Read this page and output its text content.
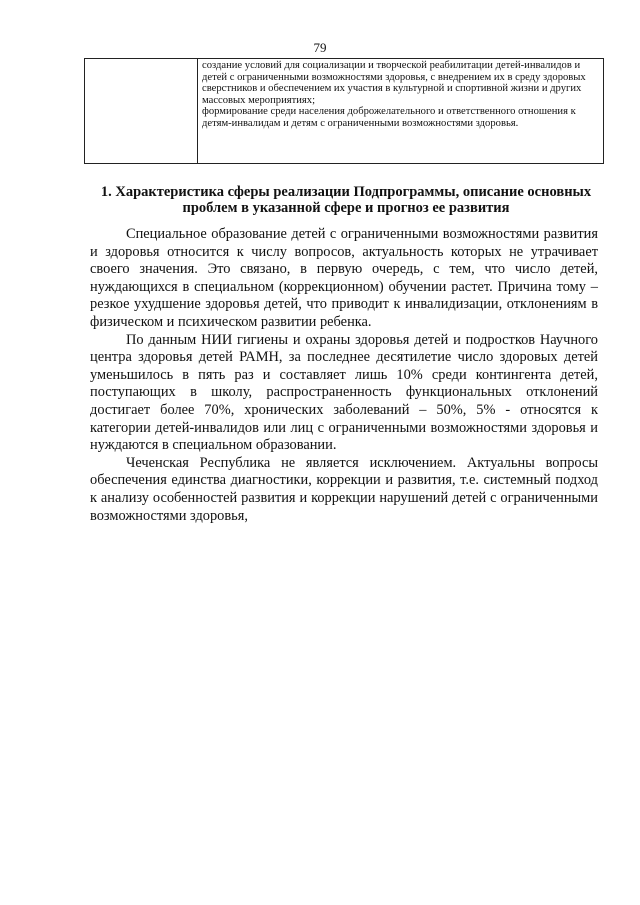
79

создание условий для социализации и творческой реабилитации детей-инвалидов и детей с ограниченными возможностями здоровья, с внедрением их в среду здоровых сверстников и обеспечением их участия в культурной и спортивной жизни и других массовых мероприятиях;

формирование среди населения доброжелательного и ответственного отношения к детям-инвалидам и детям с ограниченными возможностями здоровья.

1. Характеристика сферы реализации Подпрограммы, описание основных проблем в указанной сфере и прогноз ее развития

Специальное образование детей с ограниченными возможностями развития и здоровья относится к числу вопросов, актуальность которых не утрачивает своего значения. Это связано, в первую очередь, с тем, что число детей, нуждающихся в специальном (коррекционном) обучении растет. Причина тому – резкое ухудшение здоровья детей, что приводит к инвалидизации, отклонениям в физическом и психическом развитии ребенка.

По данным НИИ гигиены и охраны здоровья детей и подростков Научного центра здоровья детей РАМН, за последнее десятилетие число здоровых детей уменьшилось в пять раз и составляет лишь 10% среди контингента детей, поступающих в школу, распространенность функциональных отклонений достигает более 70%, хронических заболеваний – 50%, 5% - относятся к категории детей-инвалидов или лиц с ограниченными возможностями здоровья и нуждаются в специальном образовании.

Чеченская Республика не является исключением. Актуальны вопросы обеспечения единства диагностики, коррекции и развития, т.е. системный подход к анализу особенностей развития и коррекции нарушений детей с ограниченными возможностями здоровья,
